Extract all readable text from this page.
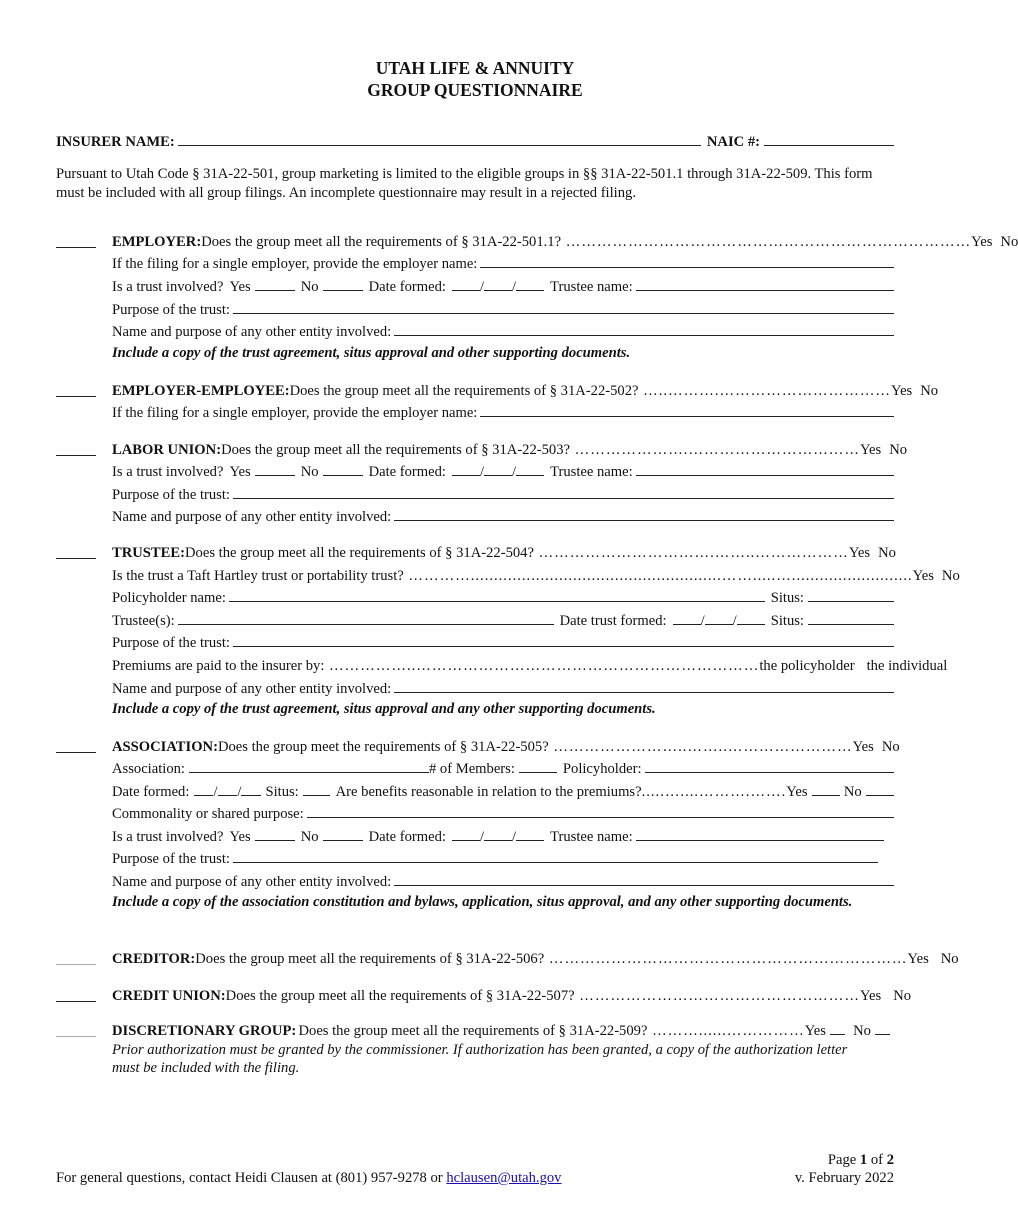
UTAH LIFE & ANNUITY
GROUP QUESTIONNAIRE
INSURER NAME:	NAIC #:
Pursuant to Utah Code § 31A-22-501, group marketing is limited to the eligible groups in §§ 31A-22-501.1 through 31A-22-509. This form must be included with all group filings. An incomplete questionnaire may result in a rejected filing.
EMPLOYER: Does the group meet all the requirements of § 31A-22-501.1? …………………………………………………………………… Yes No
If the filing for a single employer, provide the employer name:
Is a trust involved? Yes	No	Date formed: / / Trustee name:
Purpose of the trust:
Name and purpose of any other entity involved:
Include a copy of the trust agreement, situs approval and other supporting documents.
EMPLOYER-EMPLOYEE: Does the group meet all the requirements of § 31A-22-502? …..……….…………………………… Yes No
If the filing for a single employer, provide the employer name:
LABOR UNION: Does the group meet all the requirements of § 31A-22-503? ………………….…………………………… Yes No
Is a trust involved? Yes	No	Date formed: / / Trustee name:
Purpose of the trust:
Name and purpose of any other entity involved:
TRUSTEE: Does the group meet all the requirements of § 31A-22-504? …………………………….……..……………… Yes No
Is the trust a Taft Hartley trust or portability trust? …………......................................................…….....….......................... Yes No
Policyholder name:	Situs:
Trustee(s):	Date trust formed: / / Situs:
Purpose of the trust:
Premiums are paid to the insurer by: ……………..………………………………………………………… the policyholder the individual
Name and purpose of any other entity involved:
Include a copy of the trust agreement, situs approval and any other supporting documents.
ASSOCIATION: Does the group meet the requirements of § 31A-22-505? ……………………..……..…………………… Yes No
Association:	# of Members:	Policyholder:
Date formed: / / Situs:	Are benefits reasonable in relation to the premiums? .....…....……….……. Yes No
Commonality or shared purpose:
Is a trust involved? Yes	No	Date formed: / / Trustee name:
Purpose of the trust:
Name and purpose of any other entity involved:
Include a copy of the association constitution and bylaws, application, situs approval, and any other supporting documents.
CREDITOR: Does the group meet all the requirements of § 31A-22-506? …………………………………………………………… Yes No
CREDIT UNION: Does the group meet all the requirements of § 31A-22-507? ……………………………………………… Yes No
DISCRETIONARY GROUP: Does the group meet all the requirements of § 31A-22-509? ………......…………… Yes No
Prior authorization must be granted by the commissioner. If authorization has been granted, a copy of the authorization letter must be included with the filing.
Page 1 of 2
v. February 2022
For general questions, contact Heidi Clausen at (801) 957-9278 or hclausen@utah.gov
